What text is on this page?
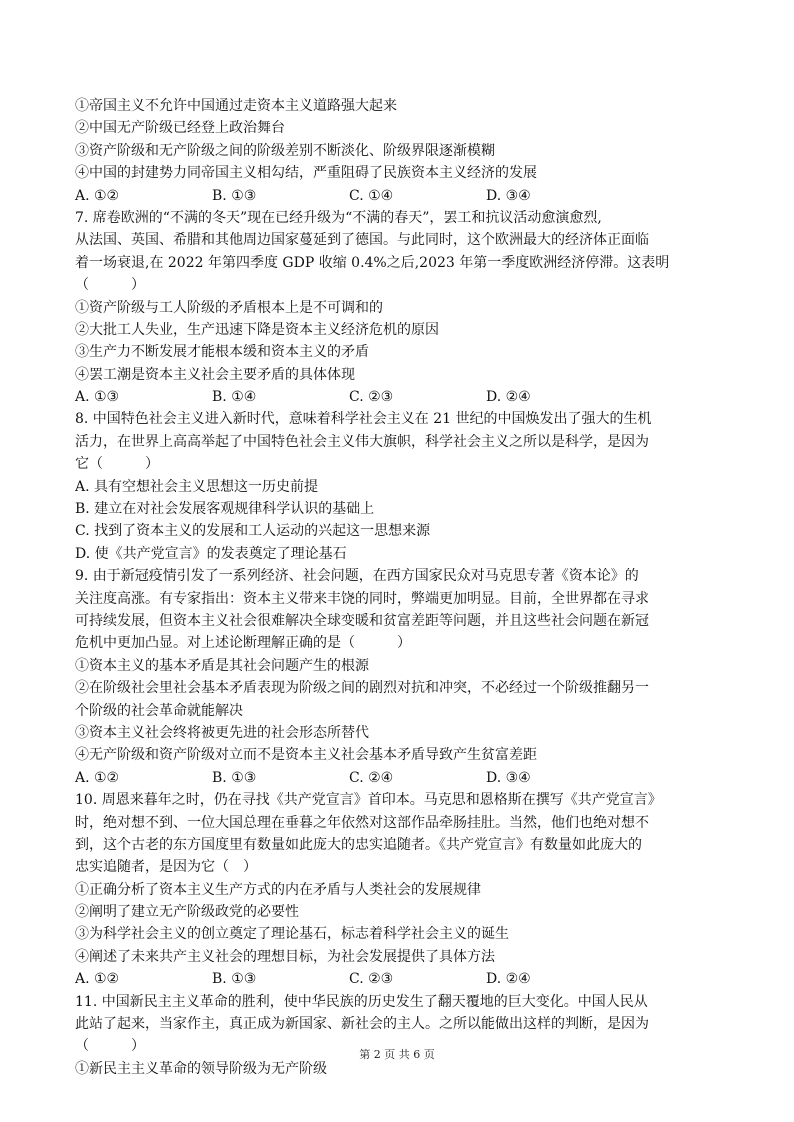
①帝国主义不允许中国通过走资本主义道路强大起来
②中国无产阶级已经登上政治舞台
③资产阶级和无产阶级之间的阶级差别不断淡化、阶级界限逐渐模糊
④中国的封建势力同帝国主义相勾结，严重阻碍了民族资本主义经济的发展
A. ①②	B. ①③	C. ①④	D. ③④
7. 席卷欧洲的“不满的冬天”现在已经升级为“不满的春天”，罢工和抗议活动愈演愈烈,
从法国、英国、希腊和其他周边国家蔓延到了德国。与此同时，这个欧洲最大的经济体正面临
着一场衰退,在 2022 年第四季度 GDP 收缩 0.4%之后,2023 年第一季度欧洲经济停滞。这表明
（　　　）
①资产阶级与工人阶级的矛盾根本上是不可调和的
②大批工人失业，生产迅速下降是资本主义经济危机的原因
③生产力不断发展才能根本缓和资本主义的矛盾
④罢工潮是资本主义社会主要矛盾的具体体现
A. ①③	B. ①④	C. ②③	D. ②④
8. 中国特色社会主义进入新时代，意味着科学社会主义在 21 世纪的中国焕发出了强大的生机
活力，在世界上高高举起了中国特色社会主义伟大旗帜，科学社会主义之所以是科学，是因为
它（　　　）
A. 具有空想社会主义思想这一历史前提
B. 建立在对社会发展客观规律科学认识的基础上
C. 找到了资本主义的发展和工人运动的兴起这一思想来源
D. 使《共产党宣言》的发表奠定了理论基石
9. 由于新冠疫情引发了一系列经济、社会问题，在西方国家民众对马克思专著《资本论》的
关注度高涨。有专家指出：资本主义带来丰饶的同时，弊端更加明显。目前，全世界都在寻求
可持续发展，但资本主义社会很难解决全球变暖和贫富差距等问题，并且这些社会问题在新冠
危机中更加凸显。对上述论断理解正确的是（　　　）
①资本主义的基本矛盾是其社会问题产生的根源
②在阶级社会里社会基本矛盾表现为阶级之间的剧烈对抗和冲突，不必经过一个阶级推翻另一
个阶级的社会革命就能解决
③资本主义社会终将被更先进的社会形态所替代
④无产阶级和资产阶级对立而不是资本主义社会基本矛盾导致产生贫富差距
A. ①②	B. ①③	C. ②④	D. ③④
10. 周恩来暮年之时，仍在寻找《共产党宣言》首印本。马克思和恩格斯在撰写《共产党宣言》
时，绝对想不到、一位大国总理在垂暮之年依然对这部作品牵肠挂肚。当然，他们也绝对想不
到，这个古老的东方国度里有数量如此庞大的忠实追随者。《共产党宣言》有数量如此庞大的
忠实追随者，是因为它（　）
①正确分析了资本主义生产方式的内在矛盾与人类社会的发展规律
②阐明了建立无产阶级政党的必要性
③为科学社会主义的创立奠定了理论基石，标志着科学社会主义的诞生
④阐述了未来共产主义社会的理想目标，为社会发展提供了具体方法
A. ①②	B. ①③	C. ②③	D. ②④
11. 中国新民主主义革命的胜利，使中华民族的历史发生了翻天覆地的巨大变化。中国人民从
此站了起来，当家作主，真正成为新国家、新社会的主人。之所以能做出这样的判断，是因为
（　　　）
①新民主主义革命的领导阶级为无产阶级
第 2 页 共 6 页
